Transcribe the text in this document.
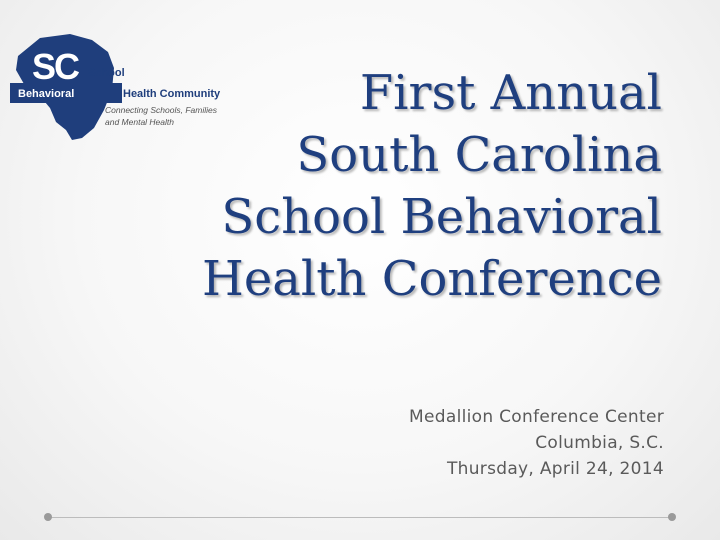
SC School
Behavioral	Health Community
Connecting Schools, Families
and Mental Health
First Annual
South Carolina
School Behavioral
Health Conference
Medallion Conference Center
Columbia, S.C.
Thursday, April 24, 2014
